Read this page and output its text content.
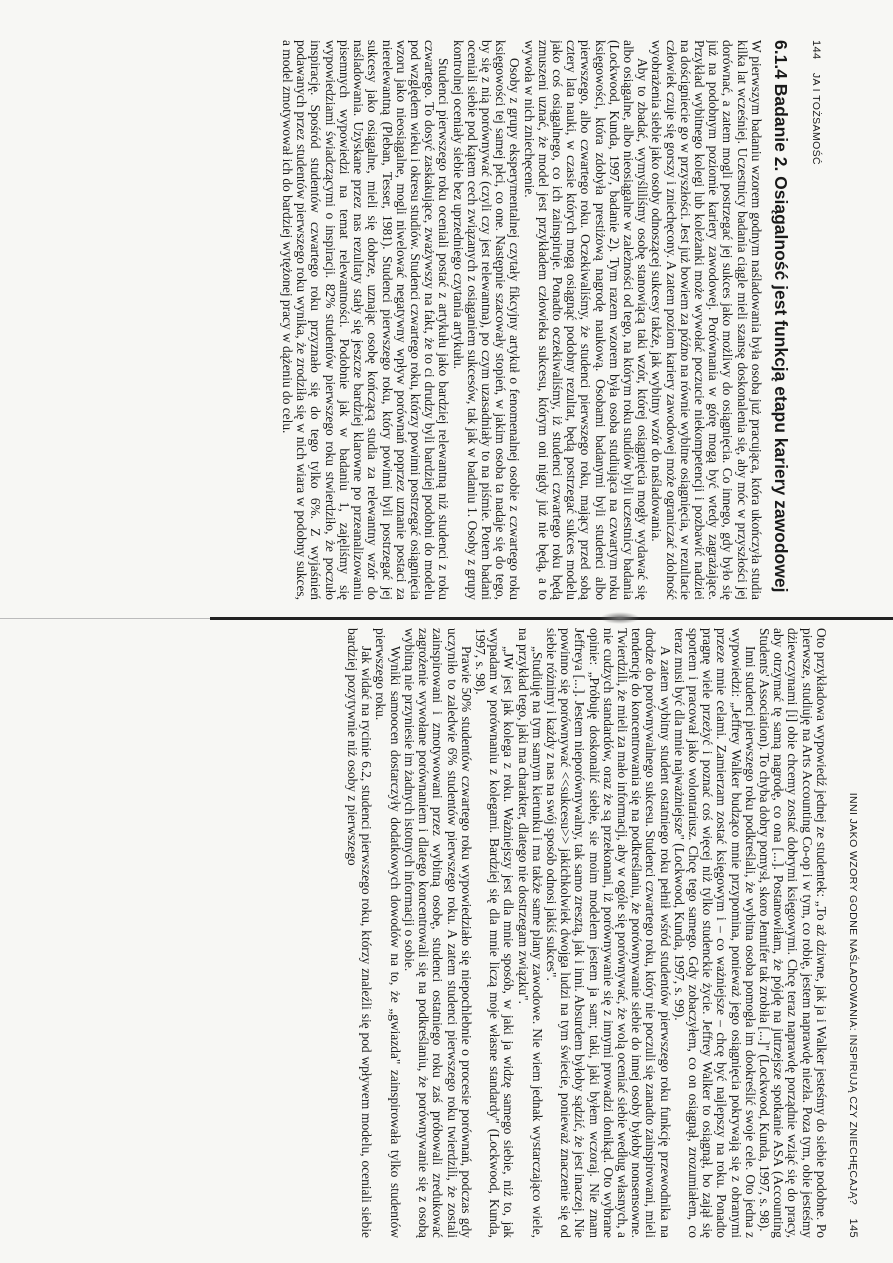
144 JA I TOŻSAMOŚĆ
6.1.4 Badanie 2. Osiągalność jest funkcją etapu kariery zawodowej

W pierwszym badaniu wzorem godnym naśladowania była osoba już pracująca, która ukończyła studia kilka lat wcześniej. Uczestnicy badania ciągle mieli szansę doskonalenia się, aby móc w przyszłości jej dorównać, a zatem mogli postrzegać jej sukces jako możliwy do osiągnięcia. Co innego, gdy było się już na podobnym poziomie kariery zawodowej. Porównania w górę mogą być wtedy zagrażające. Przykład wybitnego kolegi lub koleżanki może wywołać poczucie niekompetencji i pozbawić nadziei na dościgniecie go w przyszłości. Jest już bowiem za późno na równie wybitne osiągnięcia, w rezultacie człowiek czuje się gorszy i zniechęcony. A zatem poziom kariery zawodowej może ograniczać zdolność wyobrażenia siebie jako osoby odnoszącej sukcesy także, jak wybitny wzór do naśladowania.

Aby to zbadać, wymyśliliśmy osobę stanowiącą taki wzór, której osiągnięcia mogły wydawać się albo osiągalne, albo nieosiągalne w zależności od tego, na którym roku studiów byli uczestnicy badania (Lockwood, Kunda, 1997, badanie 2). Tym razem wzorem była osoba studiująca na czwartym roku księgowości, która zdobyła prestiżową nagrodę naukową. Osobami badanymi byli studenci albo pierwszego, albo czwartego roku. Oczekiwaliśmy, że studenci pierwszego roku, mający przed sobą cztery lata nauki, w czasie których mogą osiągnąć podobny rezultat, będą postrzegać sukces modelu jako coś osiągalnego, co ich zainspiruje. Ponadto oczekiwaliśmy, iż studenci czwartego roku będą zmuszeni uznać, że model jest przykładem człowieka sukcesu, którym oni nigdy już nie będą, a to wywoła w nich zniechęcenie.

Osoby z grupy eksperymentalnej czytały fikcyjny artykuł o fenomenalnej osobie z czwartego roku księgowości tej samej płci, co one. Następnie szacowały stopień, w jakim osoba ta nadaje się do tego, by się z nią porównywać (czyli czy jest relewantna), po czym uzasadniały to na piśmie. Potem badani oceniali siebie pod kątem cech związanych z osiąganiem sukcesów, tak jak w badaniu 1. Osoby z grupy kontrolnej oceniały siebie bez uprzedniego czytania artykułu.

Studenci pierwszego roku oceniali postać z artykułu jako bardziej relewantną niż studenci z roku czwartego. To dosyć zaskakujące, zważywszy na fakt, że to ci drudzy byli bardziej podobni do modelu pod względem wieku i okresu studiów. Studenci czwartego roku, którzy powinni postrzegać osiągnięcia wzoru jako nieosiągalne, mogli niwelować negatywny wpływ porównań poprzez uznanie postaci za nierelewantną (Pleban, Tesser, 1981). Studenci pierwszego roku, który powinni byli postrzegać jej sukcesy jako osiągalne, mieli się dobrze, uznając osobę kończącą studia za relewantny wzór do naśladowania. Uzyskane przez nas rezultaty stały się jeszcze bardziej klarowne po przeanalizowaniu pisemnych wypowiedzi na temat relewantności. Podobnie jak w badaniu 1, zajęliśmy się wypowiedziami świadczącymi o inspiracji. 82% studentów pierwszego roku stwierdziło, że poczuło inspirację. Spośród studentów czwartego roku przyznało się do tego tylko 6%. Z wyjaśnień podawanych przez studentów pierwszego roku wynika, że zrodziła się w nich wiara w podobny sukces, a model zmotywował ich do bardziej wytężonej pracy w dążeniu do celu.

INNI JAKO WZORY GODNE NAŚLADOWANIA: INSPIRUJĄ CZY ZNIECHĘCAJĄ? 145

Oto przykładowa wypowiedź jednej ze studentek: „To aż dziwne, jak ja i Walker jesteśmy do siebie podobne. Po pierwsze, studiuję na Arts Accounting Co-op i w tym, co robię, jestem naprawdę niezła. Poza tym, obie jesteśmy dżiewczynami [i] obie chcemy zostać dobrymi księgowymi. Chcę teraz naprawdę porządnie wziąć się do pracy, aby otrzymać tę samą nagrodę, co ona [...]. Postanowiłam, że pójdę na jutrzejsze spotkanie ASA (Accounting Students' Association). To chyba dobry pomysł, skoro Jennifer tak zrobiła [...]" (Lockwood, Kunda, 1997, s. 98).

Inni studenci pierwszego roku podkreślali, że wybitna osoba pomogła im dookreślić swoje cele. Oto jedna z wypowiedzi: „Jeffrey Walker budząco mnie przypomina, ponieważ jego osiągnięcia pokrywają się z obranymi przeze mnie celami. Zamierzam zostać księgowym i – co ważniejsze – chcę być najlepszy na roku. Ponadto pragnę wiele przeżyć i poznać coś więcej niż tylko studenckie życie. Jeffrey Walker to osiągnął, bo zajął się sportem i pracował jako wolontariusz. Chcę tego samego. Gdy zobaczyłem, co on osiągnął, zrozumiałem, co teraz musi być dla mnie najważniejsze" (Lockwood, Kunda, 1997, s. 99).

A zatem wybitny student ostatniego roku pełnił wśród studentów pierwszego roku funkcję przewodnika na drodze do porównywalnego sukcesu. Studenci czwartego roku, który nie poczuli się zanadto zainspirowani, mieli tendencję do koncentrowania się na podkreślaniu, że porównywanie siebie do innej osoby byłoby nonsensowne. Twierdzili, że mieli za mało informacji, aby w ogóle się porównywać, że wolą oceniać siebie według własnych, a nie cudzych standardów, oraz że są przekonani, iż porównywanie się z innymi prowadzi donikąd. Oto wybrane opinie: „Próbuję doskonalić siebie, sie moim modelem jestem ja sam; taki, jaki byłem wczoraj. Nie znam Jeffreya [...]. Jestem nieporównywalny, tak samo zresztą, jak i inni. Absurdem byłoby sądzić, że jest inaczej. Nie powinno się porównywać <<sukcesu>> jakichkolwiek dwojga ludzi na tym świecie, ponieważ znaczenie się od siebie różnimy i każdy z nas na swój sposób odnosi jakiś sukces".

„Studiuję na tym samym kierunku i ma także same plany zawodowe. Nie wiem jednak wystarczająco wiele, na przykład tego, jaki ma charakter, dlatego nie dostrzegam związku".

„JW jest jak kolega z roku. Ważniejszy jest dla mnie sposób, w jaki ja widzę samego siebie, niż to, jak wypadam w porównaniu z kolegami. Bardziej się dla mnie liczą moje własne standardy" (Lockwood, Kunda, 1997, s. 98).

Prawie 50% studentów czwartego roku wypowiedziało się niepochlebnie o procesie porównań, podczas gdy uczyniło to zaledwie 6% studentów pierwszego roku. A zatem studenci pierwszego roku twierdzili, że zostali zainspirowani i zmotywowani przez wybitną osobę, studenci ostatniego roku zaś próbowali zredukować zagrożenie wywołane porównaniem i dlatego koncentrowali się na podkreślaniu, że porównywanie się z osobą wybitną nie przyniesie im żadnych istotnych informacji o sobie.

Wyniki samoocen dostarczyły dodatkowych dowodów na to, że „gwiazda" zainspirowała tylko studentów pierwszego roku.

Jak widać na rycinie 6.2, studenci pierwszego roku, którzy znaleźli się pod wpływem modelu, oceniali siebie bardziej pozytywnie niż osoby z pierwszego
